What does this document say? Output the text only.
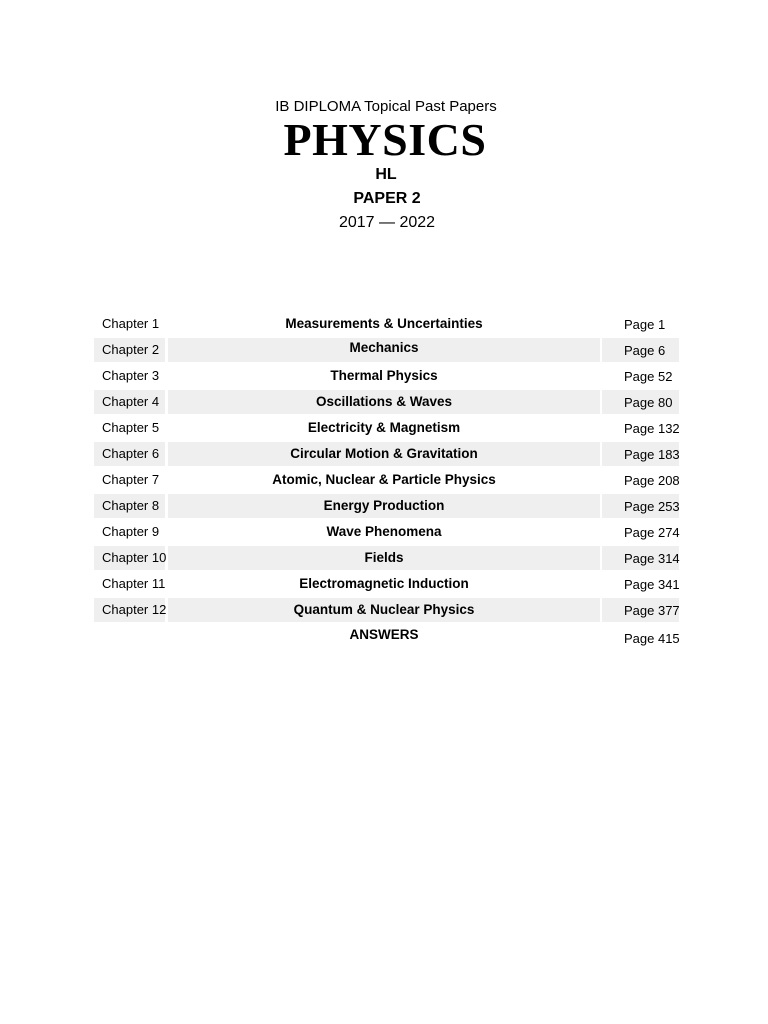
IB DIPLOMA Topical Past Papers
PHYSICS
HL
PAPER 2
2017 — 2022
Chapter 1	Measurements & Uncertainties	Page 1
Chapter 2	Mechanics	Page 6
Chapter 3	Thermal Physics	Page 52
Chapter 4	Oscillations & Waves	Page 80
Chapter 5	Electricity & Magnetism	Page 132
Chapter 6	Circular Motion & Gravitation	Page 183
Chapter 7	Atomic, Nuclear & Particle Physics	Page 208
Chapter 8	Energy Production	Page 253
Chapter 9	Wave Phenomena	Page 274
Chapter 10	Fields	Page 314
Chapter 11	Electromagnetic Induction	Page 341
Chapter 12	Quantum & Nuclear Physics	Page 377
ANSWERS	Page 415
